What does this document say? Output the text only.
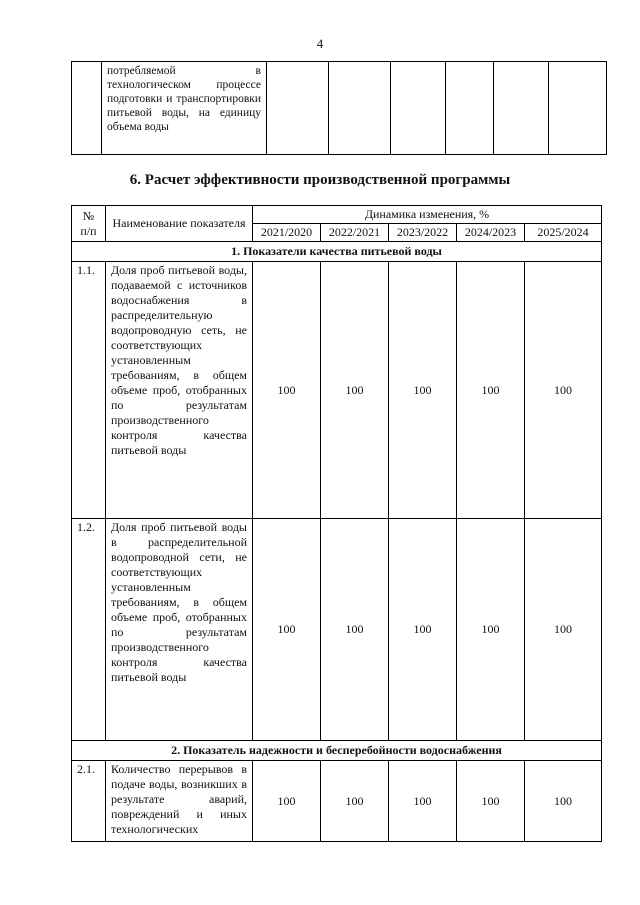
4
	потребляемой в технологическом процессе подготовки и транспортировки питьевой воды, на единицу объема воды						
6. Расчет эффективности производственной программы
№ п/п	Наименование показателя	Динамика изменения, %				
		2021/2020	2022/2021	2023/2022	2024/2023	2025/2024
1. Показатели качества питьевой воды						
1.1.	Доля проб питьевой воды, подаваемой с источников водоснабжения в распределительную водопроводную сеть, не соответствующих установленным требованиям, в общем объеме проб, отобранных по результатам производственного контроля качества питьевой воды	100	100	100	100	100
1.2.	Доля проб питьевой воды в распределительной водопроводной сети, не соответствующих установленным требованиям, в общем объеме проб, отобранных по результатам производственного контроля качества питьевой воды	100	100	100	100	100
2. Показатель надежности и бесперебойности водоснабжения						
2.1.	Количество перерывов в подаче воды, возникших в результате аварий, повреждений и иных технологических	100	100	100	100	100
